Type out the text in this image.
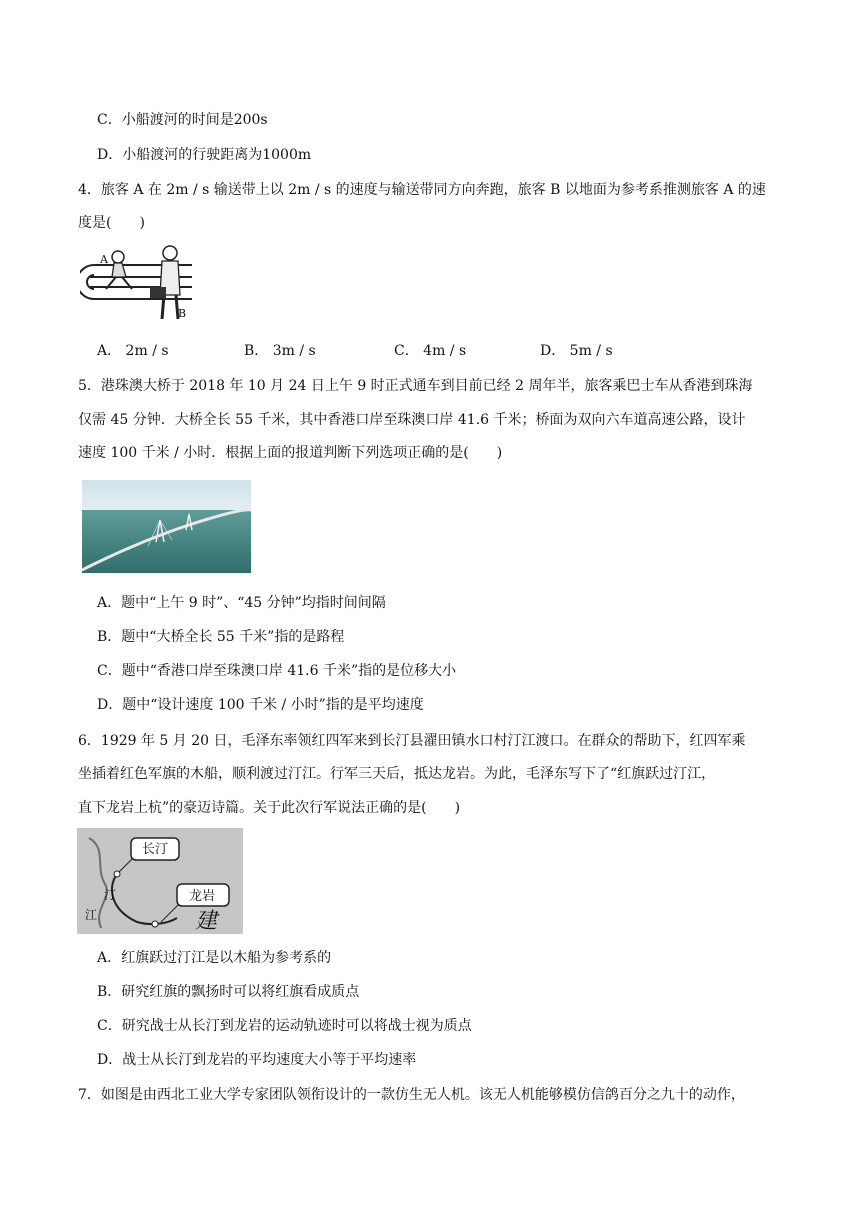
C．小船渡河的时间是200s
D．小船渡河的行驶距离为1000m
4．旅客 A 在 2m / s 输送带上以 2m / s 的速度与输送带同方向奔跑，旅客 B 以地面为参考系推测旅客 A 的速
度是(　　)
A
B
A． 2m / s	B． 3m / s	C． 4m / s	D． 5m / s
5．港珠澳大桥于 2018 年 10 月 24 日上午 9 时正式通车到目前已经 2 周年半，旅客乘巴士车从香港到珠海
仅需 45 分钟．大桥全长 55 千米，其中香港口岸至珠澳口岸 41.6 千米；桥面为双向六车道高速公路，设计
速度 100 千米 / 小时．根据上面的报道判断下列选项正确的是(　　)
A．题中“上午 9 时”、“45 分钟”均指时间间隔
B．题中“大桥全长 55 千米”指的是路程
C．题中“香港口岸至珠澳口岸 41.6 千米”指的是位移大小
D．题中“设计速度 100 千米 / 小时”指的是平均速度
6．1929 年 5 月 20 日，毛泽东率领红四军来到长汀县濯田镇水口村汀江渡口。在群众的帮助下，红四军乘
坐插着红色军旗的木船，顺利渡过汀江。行军三天后，抵达龙岩。为此，毛泽东写下了“红旗跃过汀江，
直下龙岩上杭”的豪迈诗篇。关于此次行军说法正确的是(　　)
长汀
龙岩
汀
江	建
A．红旗跃过汀江是以木船为参考系的
B．研究红旗的飘扬时可以将红旗看成质点
C．研究战士从长汀到龙岩的运动轨迹时可以将战士视为质点
D．战士从长汀到龙岩的平均速度大小等于平均速率
7．如图是由西北工业大学专家团队领衔设计的一款仿生无人机。该无人机能够模仿信鸽百分之九十的动作，
